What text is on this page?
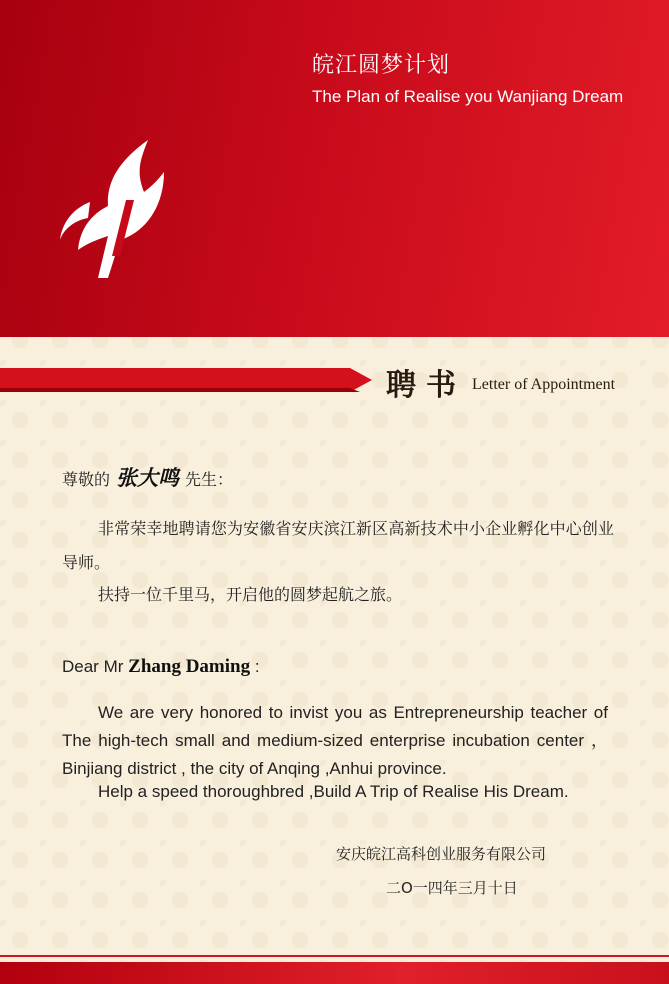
皖江圆梦计划
The Plan of Realise you Wanjiang Dream
聘书 Letter of Appointment
尊敬的 张大鸣 先生：
非常荣幸地聘请您为安徽省安庆滨江新区高新技术中小企业孵化中心创业导师。
扶持一位千里马，开启他的圆梦起航之旅。
Dear Mr Zhang Daming :
We are very honored to invist you as Entrepreneurship teacher of The high-tech small and medium-sized enterprise incubation center ，Binjiang district , the city of Anqing ,Anhui province.
Help a speed thoroughbred ,Build A Trip of Realise His Dream.
安庆皖江高科创业服务有限公司
二O一四年三月十日
